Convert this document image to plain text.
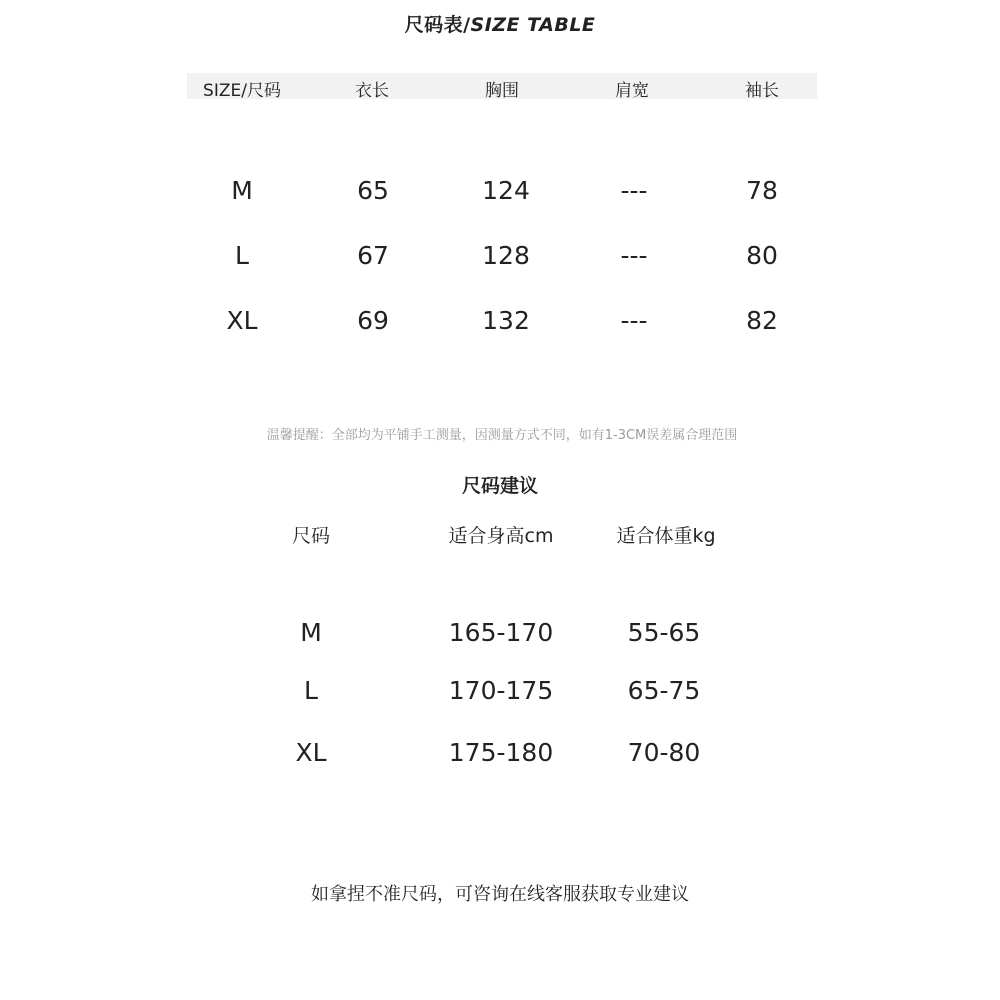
尺码表/SIZE TABLE
SIZE/尺码	衣长	胸围	肩宽	袖长
M	65	124	---	78
L	67	128	---	80
XL	69	132	---	82
温馨提醒：全部均为平铺手工测量，因测量方式不同，如有1-3CM误差属合理范围
尺码建议
尺码	适合身高cm	适合体重kg
M	165-170	55-65
L	170-175	65-75
XL	175-180	70-80
如拿捏不准尺码，可咨询在线客服获取专业建议
